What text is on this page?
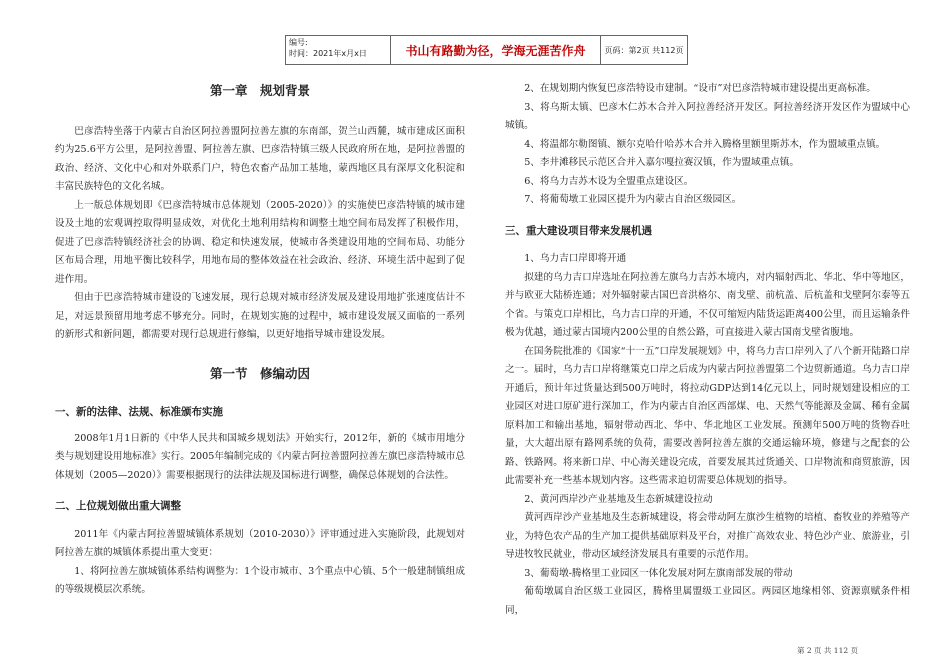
编号:
时间：2021年x月x日	书山有路勤为径，学海无涯苦作舟	页码：第2页 共112页
第一章　规划背景

巴彦浩特坐落于内蒙古自治区阿拉善盟阿拉善左旗的东南部，贺兰山西麓，城市建成区面积约为25.6平方公里，是阿拉善盟、阿拉善左旗、巴彦浩特镇三级人民政府所在地，是阿拉善盟的政治、经济、文化中心和对外联系门户，特色农畜产品加工基地，蒙西地区具有深厚文化积淀和丰富民族特色的文化名城。

上一版总体规划即《巴彦浩特城市总体规划（2005-2020）》的实施使巴彦浩特镇的城市建设及土地的宏观调控取得明显成效，对优化土地利用结构和调整土地空间布局发挥了积极作用，促进了巴彦浩特镇经济社会的协调、稳定和快速发展，使城市各类建设用地的空间布局、功能分区布局合理，用地平衡比较科学，用地布局的整体效益在社会政治、经济、环境生活中起到了促进作用。

但由于巴彦浩特城市建设的飞速发展，现行总规对城市经济发展及建设用地扩张速度估计不足，对远景预留用地考虑不够充分。同时，在规划实施的过程中，城市建设发展又面临的一系列的新形式和新问题，都需要对现行总规进行修编，以更好地指导城市建设发展。

第一节　修编动因
一、新的法律、法规、标准颁布实施

2008年1月1日新的《中华人民共和国城乡规划法》开始实行，2012年，新的《城市用地分类与规划建设用地标准》实行。2005年编制完成的《内蒙古阿拉善盟阿拉善左旗巴彦浩特城市总体规划（2005—2020）》需要根据现行的法律法规及国标进行调整，确保总体规划的合法性。

二、上位规划做出重大调整

2011年《内蒙古阿拉善盟城镇体系规划（2010-2030）》评审通过进入实施阶段，此规划对阿拉善左旗的城镇体系提出重大变更：

1、将阿拉善左旗城镇体系结构调整为：1个设市城市、3个重点中心镇、5个一般建制镇组成的等级规模层次系统。

2、在规划期内恢复巴彦浩特设市建制。“设市”对巴彦浩特城市建设提出更高标准。

3、将乌斯太镇、巴彦木仁苏木合并入阿拉善经济开发区。阿拉善经济开发区作为盟域中心城镇。

4、将温都尔勒图镇、额尔克哈什哈苏木合并入腾格里额里斯苏木，作为盟域重点镇。

5、李井滩移民示范区合并入嘉尔嘎拉赛汉镇，作为盟域重点镇。

6、将乌力吉苏木设为全盟重点建设区。

7、将葡萄墩工业园区提升为内蒙古自治区级园区。

三、重大建设项目带来发展机遇

1、乌力吉口岸即将开通

拟建的乌力吉口岸选址在阿拉善左旗乌力吉苏木境内，对内辐射西北、华北、华中等地区，并与欧亚大陆桥连通；对外辐射蒙古国巴音洪格尔、南戈壁、前杭盖、后杭盖和戈壁阿尔泰等五个省。与策克口岸相比，乌力吉口岸的开通，不仅可缩短内陆货运距离400公里，而且运输条件极为优越，通过蒙古国境内200公里的自然公路，可直接进入蒙古国南戈壁省腹地。

在国务院批准的《国家“十一五”口岸发展规划》中，将乌力吉口岸列入了八个新开陆路口岸之一。届时，乌力吉口岸将继策克口岸之后成为内蒙古阿拉善盟第二个边贸新通道。乌力吉口岸开通后，预计年过货量达到500万吨时，将拉动GDP达到14亿元以上，同时规划建设相应的工业园区对进口原矿进行深加工，作为内蒙古自治区西部煤、电、天然气等能源及金属、稀有金属原料加工和输出基地，辐射带动西北、华中、华北地区工业发展。预测年500万吨的货物吞吐量，大大超出原有路网系统的负荷，需要改善阿拉善左旗的交通运输环境，修建与之配套的公路、铁路网。将来新口岸、中心海关建设完成，首要发展其过货通关、口岸物流和商贸旅游，因此需要补充一些基本规划内容。这些需求迫切需要总体规划的指导。

2、黄河西岸沙产业基地及生态新城建设拉动

黄河西岸沙产业基地及生态新城建设，将会带动阿左旗沙生植物的培植、畜牧业的养殖等产业，为特色农产品的生产加工提供基础原料及平台，对推广高效农业、特色沙产业、旅游业，引导进牧牧民就业，带动区域经济发展具有重要的示范作用。

3、葡萄墩-腾格里工业园区一体化发展对阿左旗南部发展的带动

葡萄墩属自治区级工业园区，腾格里属盟级工业园区。两园区地缘相邻、资源禀赋条件相同，

第 2 页 共 112 页
